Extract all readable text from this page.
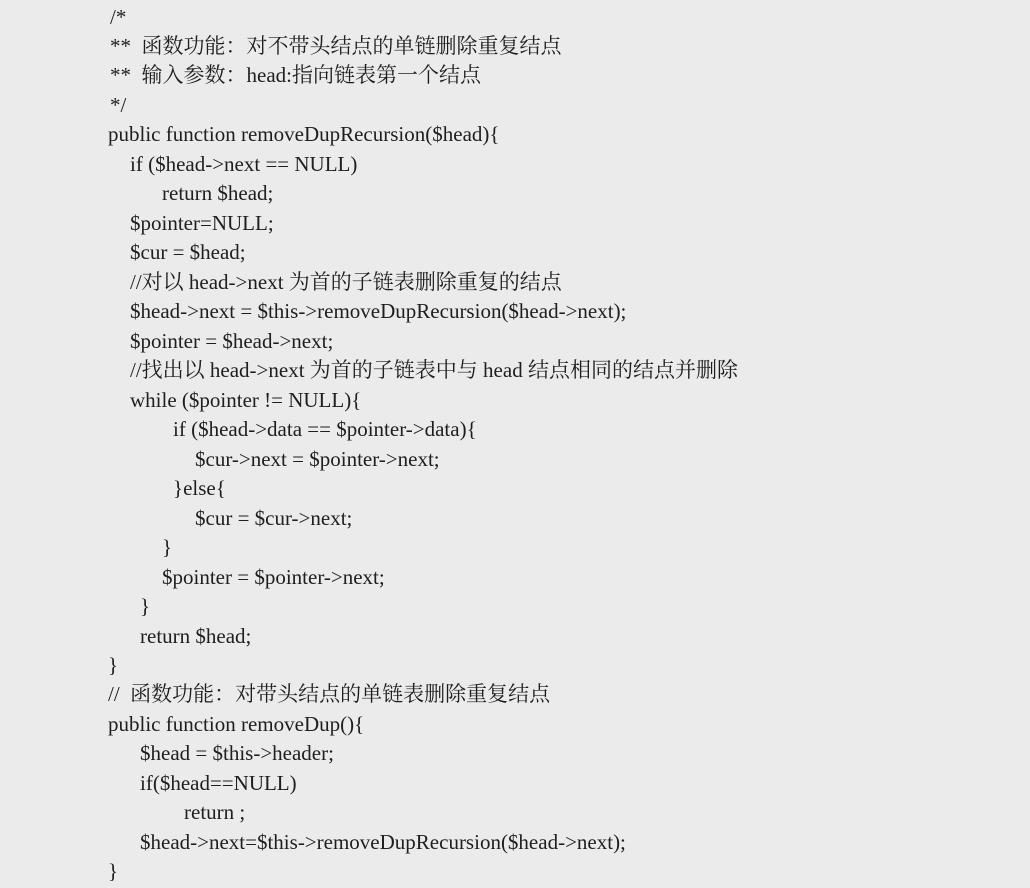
/*
**  函数功能：对不带头结点的单链删除重复结点
**  输入参数：head:指向链表第一个结点
*/
public function removeDupRecursion($head){
if ($head->next == NULL)
return $head;
$pointer=NULL;
$cur = $head;
//对以 head->next 为首的子链表删除重复的结点
$head->next = $this->removeDupRecursion($head->next);
$pointer = $head->next;
//找出以 head->next 为首的子链表中与 head 结点相同的结点并删除
while ($pointer != NULL){
if ($head->data == $pointer->data){
$cur->next = $pointer->next;
}else{
$cur = $cur->next;
}
$pointer = $pointer->next;
}
return $head;
}
//  函数功能：对带头结点的单链表删除重复结点
public function removeDup(){
$head = $this->header;
if($head==NULL)
return ;
$head->next=$this->removeDupRecursion($head->next);
}
